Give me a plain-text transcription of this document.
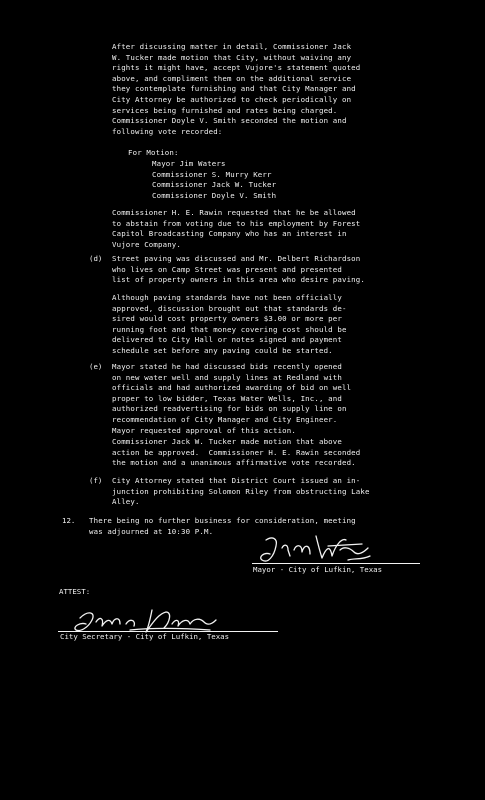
After discussing matter in detail, Commissioner Jack
W. Tucker made motion that City, without waiving any
rights it might have, accept Vujore's statement quoted
above, and compliment them on the additional service
they contemplate furnishing and that City Manager and
City Attorney be authorized to check periodically on
services being furnished and rates being charged.
Commissioner Doyle V. Smith seconded the motion and
following vote recorded:
For Motion:
Mayor Jim Waters
Commissioner S. Murry Kerr
Commissioner Jack W. Tucker
Commissioner Doyle V. Smith
Commissioner H. E. Rawin requested that he be allowed
to abstain from voting due to his employment by Forest
Capitol Broadcasting Company who has an interest in
Vujore Company.
(d) Street paving was discussed and Mr. Delbert Richardson
who lives on Camp Street was present and presented
list of property owners in this area who desire paving.
Although paving standards have not been officially
approved, discussion brought out that standards de-
sired would cost property owners $3.00 or more per
running foot and that money covering cost should be
delivered to City Hall or notes signed and payment
schedule set before any paving could be started.
(e) Mayor stated he had discussed bids recently opened
on new water well and supply lines at Redland with
officials and had authorized awarding of bid on well
proper to low bidder, Texas Water Wells, Inc., and
authorized readvertising for bids on supply line on
recommendation of City Manager and City Engineer.
Mayor requested approval of this action.
Commissioner Jack W. Tucker made motion that above
action be approved.  Commissioner H. E. Rawin seconded
the motion and a unanimous affirmative vote recorded.
(f) City Attorney stated that District Court issued an in-
junction prohibiting Solomon Riley from obstructing Lake
Alley.
12. There being no further business for consideration, meeting
was adjourned at 10:30 P.M.
Mayor - City of Lufkin, Texas
ATTEST:
City Secretary - City of Lufkin, Texas
